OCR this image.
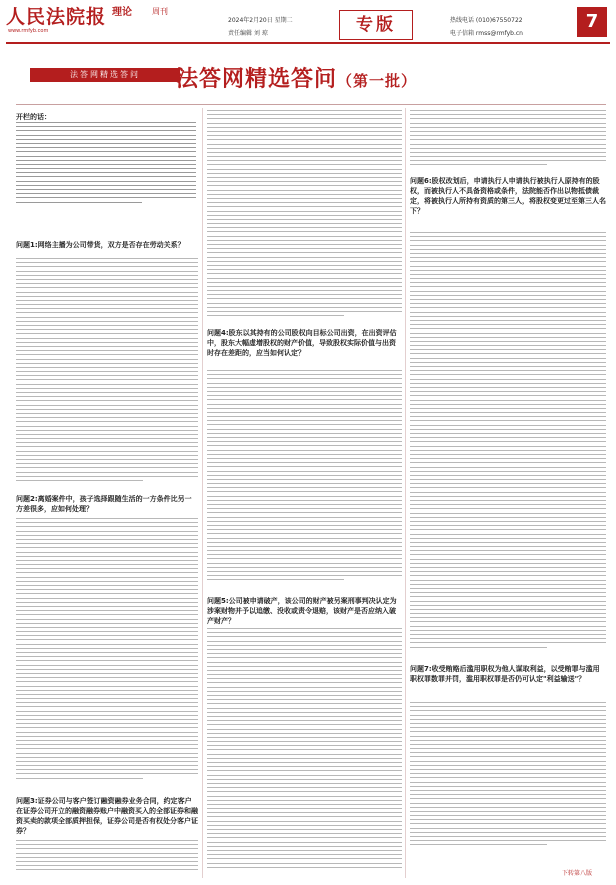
人民法院报 理论	周刊
www.rmfyb.com
2024年2月20日 星期二
责任编辑 刘 琼	专版	热线电话 (010)67550722
电子信箱 rmss@rmfyb.cn
7
法答网精选答问	法答网精选答问（第一批）
开栏的话：
问题1:网络主播为公司带货，双方是否存在劳动关系？
问题2:离婚案件中，孩子选择跟随生活的一方条件比另一方差很多，应如何处理？
问题3:证券公司与客户签订融资融券业务合同，约定客户在证券公司开立的融资融券账户中融资买入的全部证券和融资买卖的款项全部质押担保，证券公司是否有权处分客户证券？
问题4:股东以其持有的公司股权向目标公司出资，在出资评估中，股东大幅虚增股权的财产价值，导致股权实际价值与出资时存在差距的，应当如何认定？
问题5:公司被申请破产，该公司的财产被另案刑事判决认定为涉案财物并予以追缴、没收或责令退赔，该财产是否应纳入破产财产？
问题6:股权改划后，申请执行人申请执行被执行人原持有的股权，而被执行人不具备资格或条件，法院能否作出以物抵债裁定，将被执行人所持有资质的第三人，将股权变更过至第三人名下？
问题7:收受贿赂后滥用职权为他人谋取利益，以受贿罪与滥用职权罪数罪并罚，滥用职权罪是否仍可认定"利益输送"？
下转第八版
